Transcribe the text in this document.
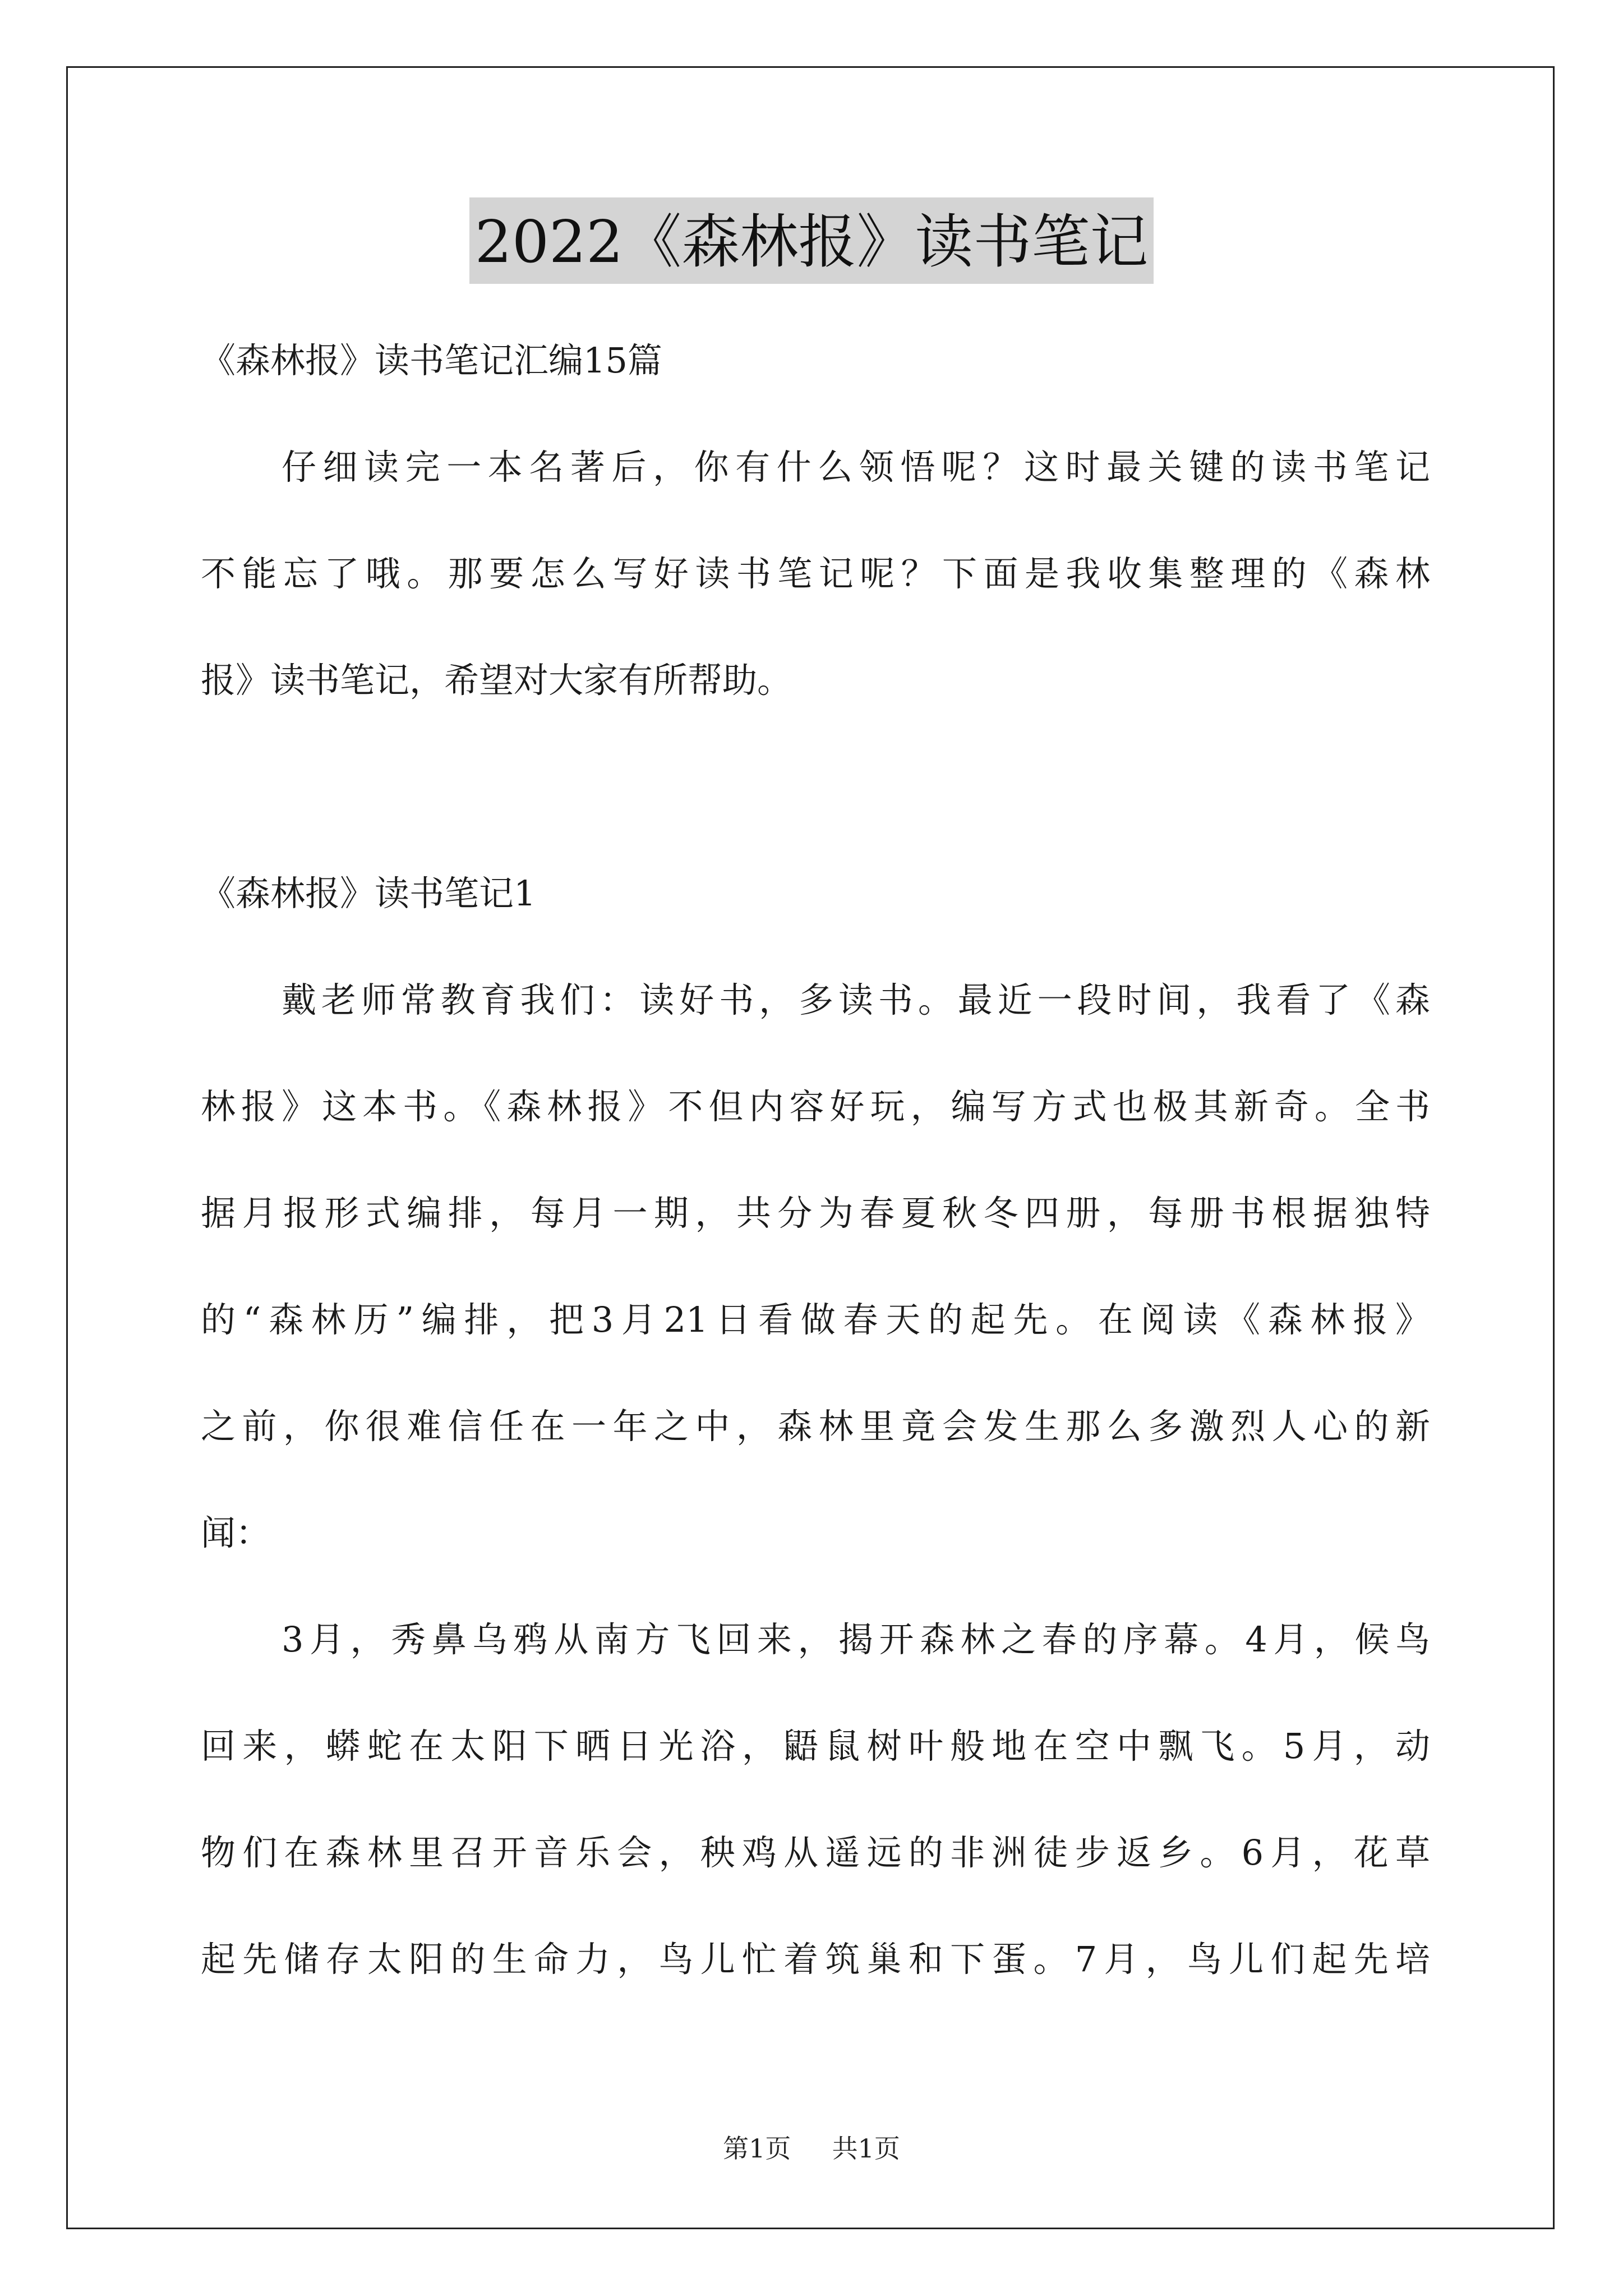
2022《森林报》读书笔记
《森林报》读书笔记汇编15篇
仔细读完一本名著后，你有什么领悟呢？这时最关键的读书笔记
不能忘了哦。那要怎么写好读书笔记呢？下面是我收集整理的《森林
报》读书笔记，希望对大家有所帮助。
《森林报》读书笔记1
戴老师常教育我们：读好书，多读书。最近一段时间，我看了《森
林报》这本书。《森林报》不但内容好玩，编写方式也极其新奇。全书
据月报形式编排，每月一期，共分为春夏秋冬四册，每册书根据独特
的“森林历”编排，把3月21日看做春天的起先。在阅读《森林报》
之前，你很难信任在一年之中，森林里竟会发生那么多激烈人心的新
闻：
3月，秀鼻乌鸦从南方飞回来，揭开森林之春的序幕。4月，候鸟
回来，蟒蛇在太阳下晒日光浴，鼯鼠树叶般地在空中飘飞。5月，动
物们在森林里召开音乐会，秧鸡从遥远的非洲徒步返乡。6月，花草
起先储存太阳的生命力，鸟儿忙着筑巢和下蛋。7月，鸟儿们起先培
第1页 共1页
